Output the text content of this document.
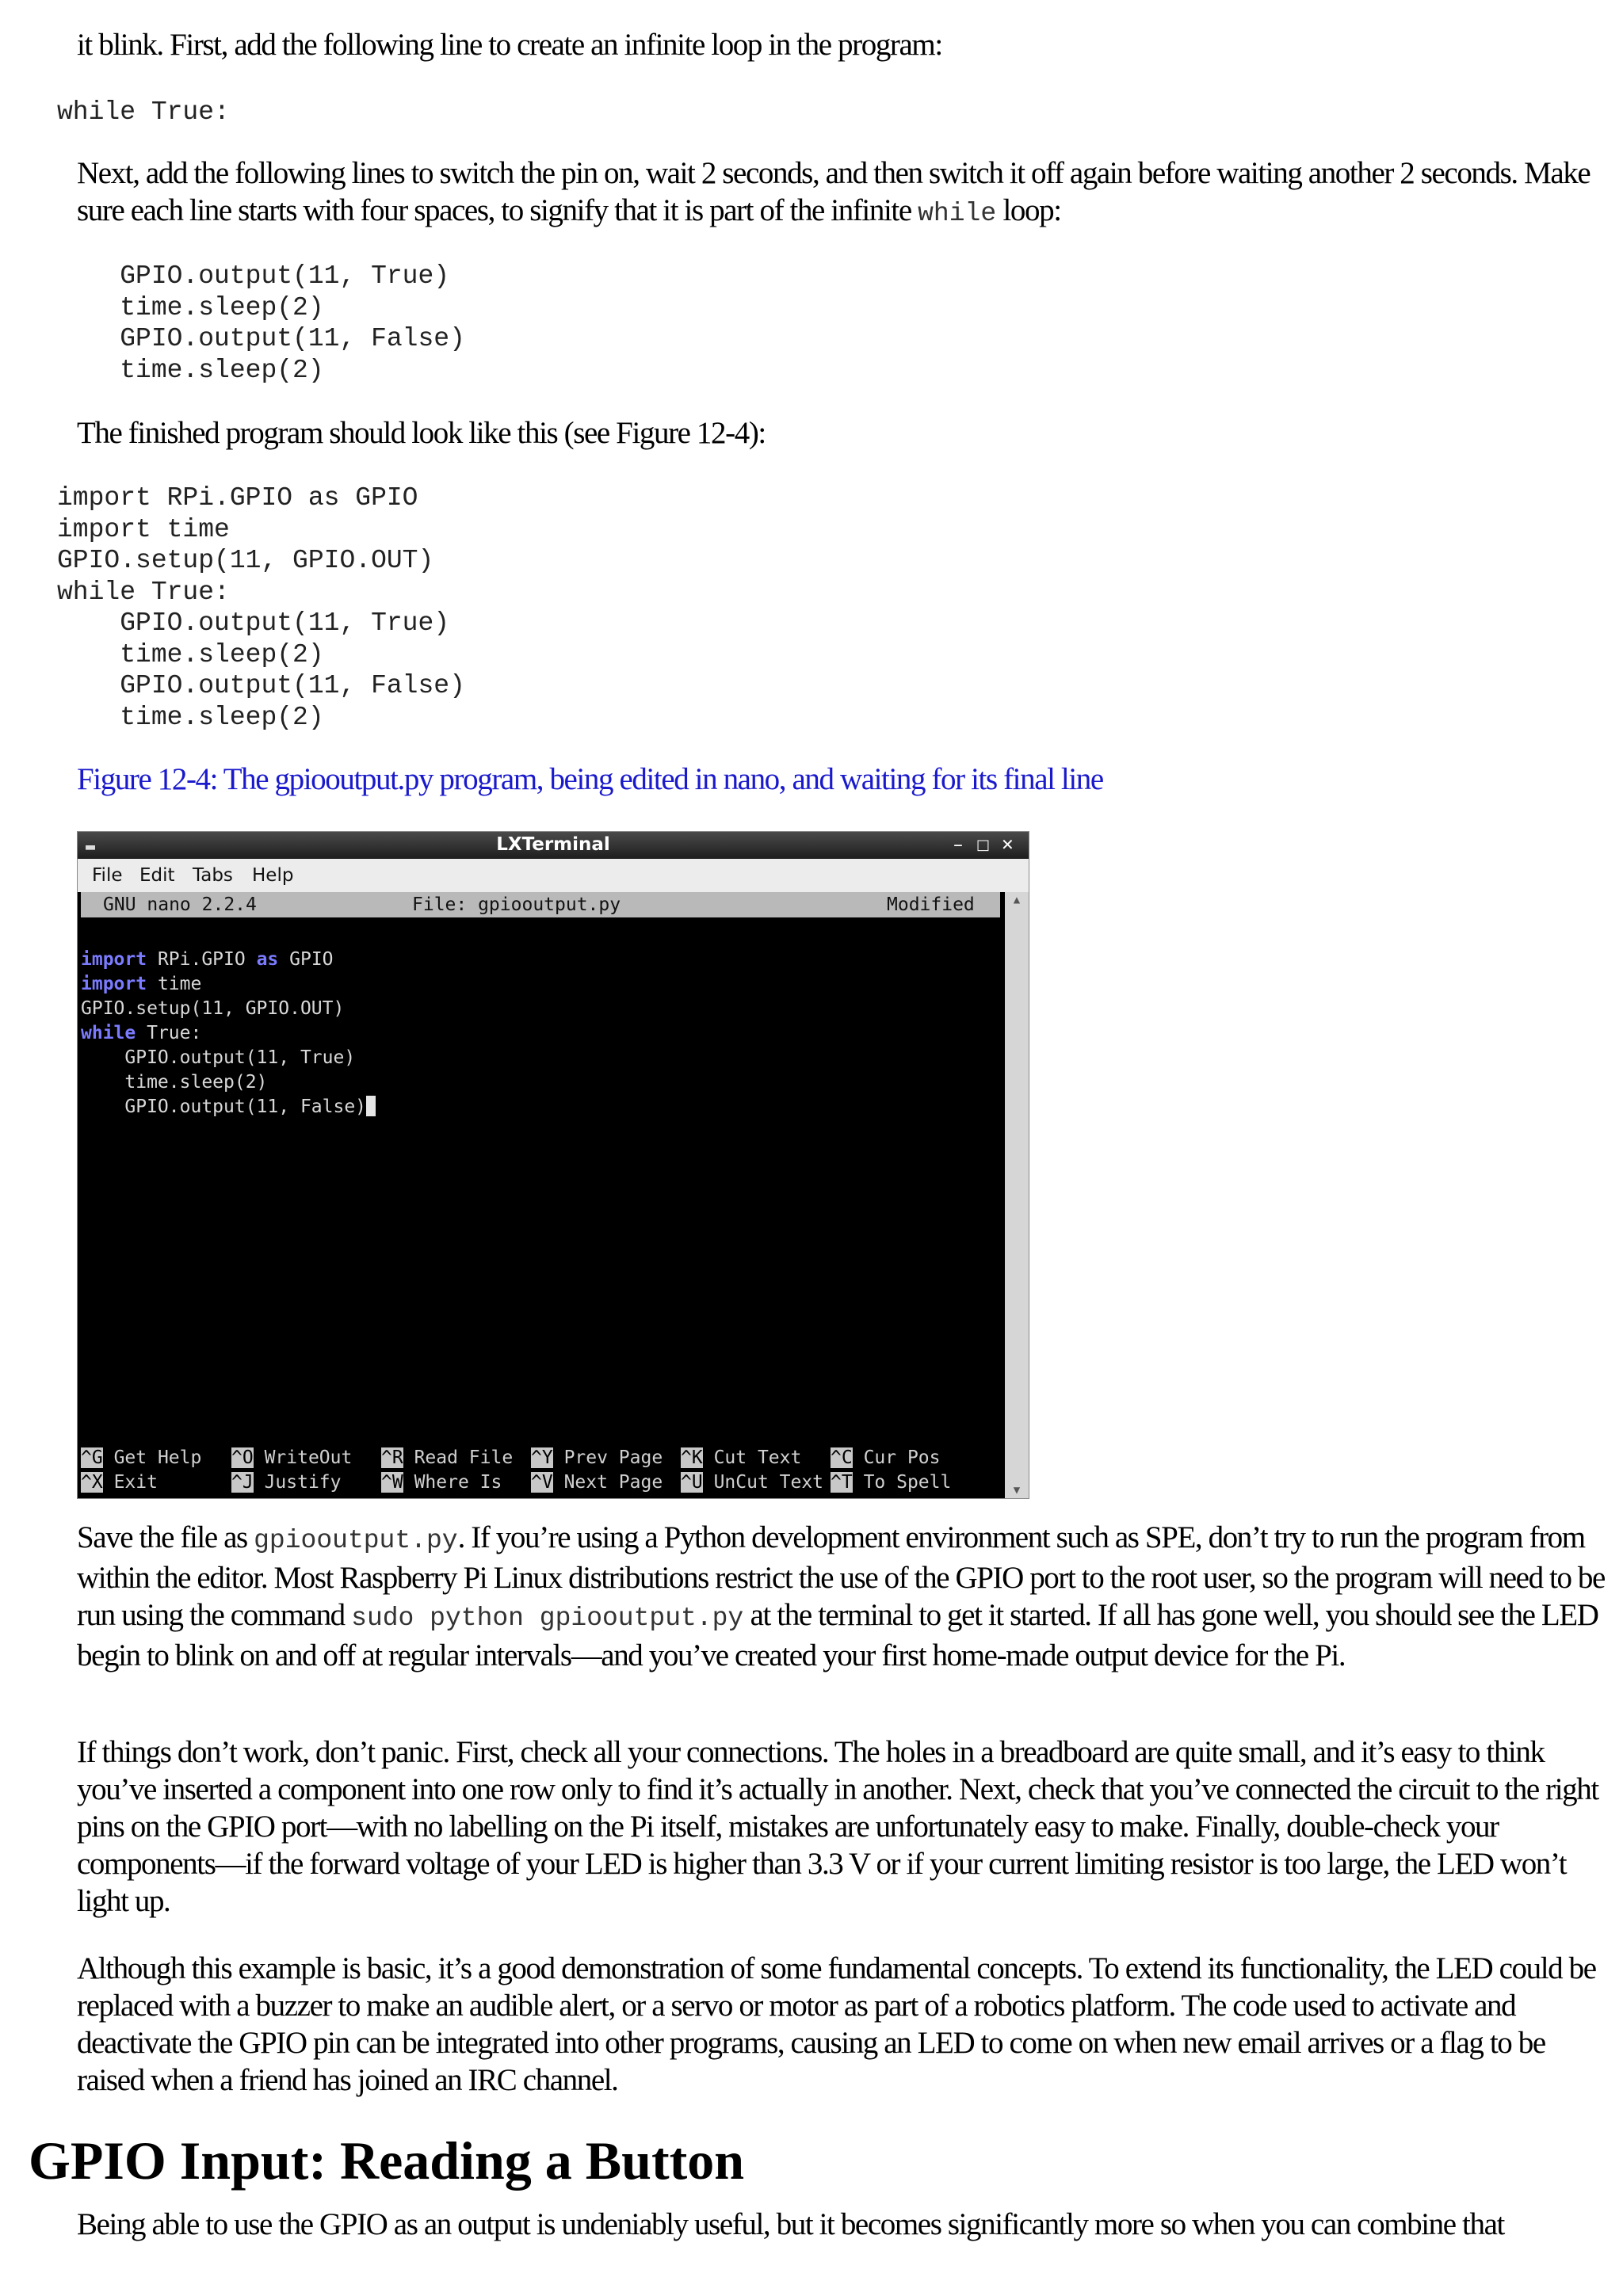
it blink. First, add the following line to create an infinite loop in the program:

while True:

Next, add the following lines to switch the pin on, wait 2 seconds, and then switch it off again before waiting another 2 seconds. Make sure each line starts with four spaces, to signify that it is part of the infinite while loop:

GPIO.output(11, True)
time.sleep(2)
GPIO.output(11, False)
time.sleep(2)

The finished program should look like this (see Figure 12-4):

import RPi.GPIO as GPIO
import time
GPIO.setup(11, GPIO.OUT)
while True:
GPIO.output(11, True)
time.sleep(2)
GPIO.output(11, False)
time.sleep(2)

Figure 12-4: The gpiooutput.py program, being edited in nano, and waiting for its final line

▬	LXTerminal	– □ ✕
File Edit Tabs Help

GNU nano 2.2.4

	File: gpiooutput.py

	Modified

	▲
▼
import RPi.GPIO as GPIO
import time
GPIO.setup(11, GPIO.OUT)
while True:
GPIO.output(11, True)
time.sleep(2)
GPIO.output(11, False)
^G Get Help ^O WriteOut ^R Read File ^Y Prev Page ^K Cut Text ^C Cur Pos
^X Exit	^J Justify ^W Where Is ^V Next Page ^U UnCut Text ^T To Spell

Save the file as gpiooutput.py. If you’re using a Python development environment such as SPE, don’t try to run the program from within the editor. Most Raspberry Pi Linux distributions restrict the use of the GPIO port to the root user, so the program will need to be run using the command sudo python gpiooutput.py at the terminal to get it started. If all has gone well, you should see the LED begin to blink on and off at regular intervals—and you’ve created your first home-made output device for the Pi.

If things don’t work, don’t panic. First, check all your connections. The holes in a breadboard are quite small, and it’s easy to think you’ve inserted a component into one row only to find it’s actually in another. Next, check that you’ve connected the circuit to the right pins on the GPIO port—with no labelling on the Pi itself, mistakes are unfortunately easy to make. Finally, double-check your components—if the forward voltage of your LED is higher than 3.3 V or if your current limiting resistor is too large, the LED won’t light up.

Although this example is basic, it’s a good demonstration of some fundamental concepts. To extend its functionality, the LED could be replaced with a buzzer to make an audible alert, or a servo or motor as part of a robotics platform. The code used to activate and deactivate the GPIO pin can be integrated into other programs, causing an LED to come on when new email arrives or a flag to be raised when a friend has joined an IRC channel.

GPIO Input: Reading a Button

Being able to use the GPIO as an output is undeniably useful, but it becomes significantly more so when you can combine that
